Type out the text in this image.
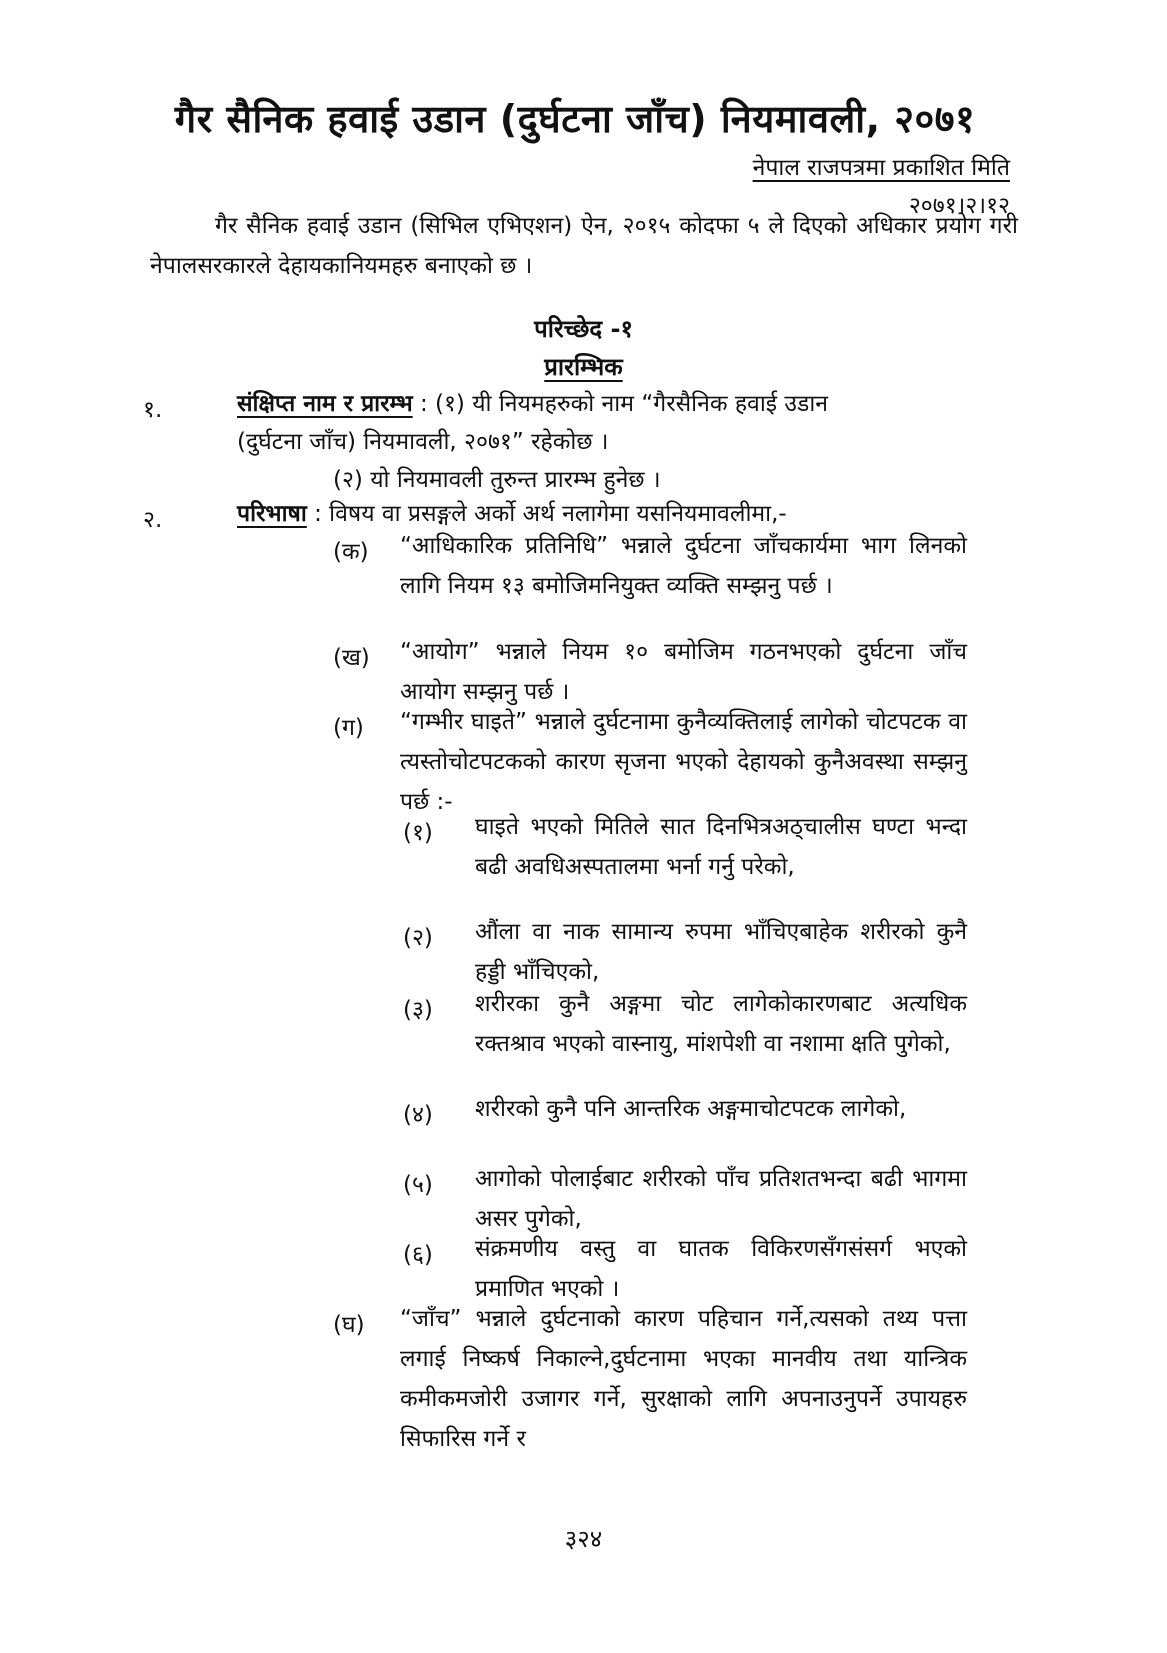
गैर सैनिक हवाई उडान (दुर्घटना जाँच) नियमावली, २०७१
नेपाल राजपत्रमा प्रकाशित मिति
२०७१।२।१२
गैर सैनिक हवाई उडान (सिभिल एभिएशन) ऐन, २०१५ कोदफा ५ ले दिएको अधिकार प्रयोग गरी नेपालसरकारले देहायकानियमहरु बनाएको छ ।
परिच्छेद -१
प्रारम्भिक
१.	संक्षिप्त नाम र प्रारम्भ : (१) यी नियमहरुको नाम “गैरसैनिक हवाई उडान
(दुर्घटना जाँच) नियमावली, २०७१” रहेकोछ ।
(२) यो नियमावली तुरुन्त प्रारम्भ हुनेछ ।
२.	परिभाषा : विषय वा प्रसङ्गले अर्को अर्थ नलागेमा यसनियमावलीमा,-
(क) “आधिकारिक प्रतिनिधि” भन्नाले दुर्घटना जाँचकार्यमा भाग लिनको लागि नियम १३ बमोजिमनियुक्त व्यक्ति सम्झनु पर्छ ।
(ख) “आयोग” भन्नाले नियम १० बमोजिम गठनभएको दुर्घटना जाँच आयोग सम्झनु पर्छ ।
(ग) “गम्भीर घाइते” भन्नाले दुर्घटनामा कुनैव्यक्तिलाई लागेको चोटपटक वा त्यस्तोचोटपटकको कारण सृजना भएको देहायको कुनैअवस्था सम्झनु पर्छ :-
(१) घाइते भएको मितिले सात दिनभित्रअठ्चालीस घण्टा भन्दा बढी अवधिअस्पतालमा भर्ना गर्नु परेको,
(२) औंला वा नाक सामान्य रुपमा भाँचिएबाहेक शरीरको कुनै हड्डी भाँचिएको,
(३) शरीरका कुनै अङ्गमा चोट लागेकोकारणबाट अत्यधिक रक्तश्राव भएको वास्नायु, मांशपेशी वा नशामा क्षति पुगेको,
(४) शरीरको कुनै पनि आन्तरिक अङ्गमाचोटपटक लागेको,
(५) आगोको पोलाईबाट शरीरको पाँच प्रतिशतभन्दा बढी भागमा असर पुगेको,
(६) संक्रमणीय वस्तु वा घातक विकिरणसँगसंसर्ग भएको प्रमाणित भएको ।
(घ) “जाँच” भन्नाले दुर्घटनाको कारण पहिचान गर्ने,त्यसको तथ्य पत्ता लगाई निष्कर्ष निकाल्ने,दुर्घटनामा भएका मानवीय तथा यान्त्रिक कमीकमजोरी उजागर गर्ने, सुरक्षाको लागि अपनाउनुपर्ने उपायहरु सिफारिस गर्ने र
३२४
